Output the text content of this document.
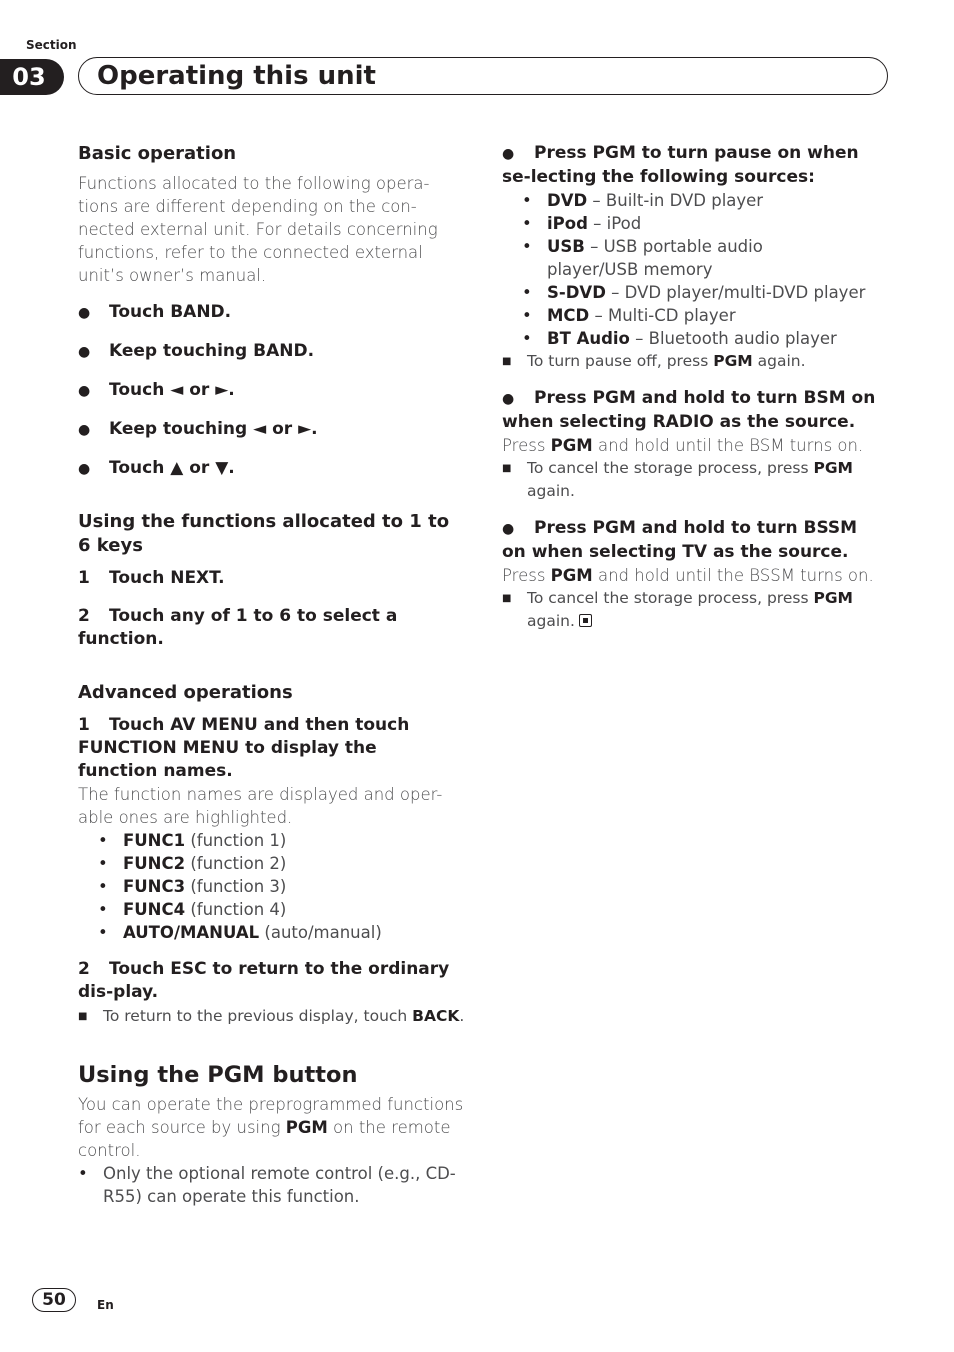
Section
03	Operating this unit

Basic operation

Functions allocated to the following opera-tions are different depending on the con-nected external unit. For details concerning functions, refer to the connected external unit’s owner’s manual.
●
Touch BAND.
●
Keep touching BAND.
●
Touch ◄ or ►.
●
Keep touching ◄ or ►.
●
Touch ▲ or ▼.

Using the functions allocated to 1 to 6 keys

1 Touch NEXT.
2 Touch any of 1 to 6 to select a function.

Advanced operations

1 Touch AV MENU and then touch FUNCTION MENU to display the function names.
The function names are displayed and oper-able ones are highlighted.
• FUNC1 (function 1)
• FUNC2 (function 2)
• FUNC3 (function 3)
• FUNC4 (function 4)
• AUTO/MANUAL (auto/manual)
2 Touch ESC to return to the ordinary dis-play.
■	To return to the previous display, touch BACK.

Using the PGM button

You can operate the preprogrammed functions for each source by using PGM on the remote control.
• Only the optional remote control (e.g., CD-R55) can operate this function.
● Press PGM to turn pause on when se-lecting the following sources:
• DVD – Built-in DVD player
• iPod – iPod
• USB – USB portable audio player/USB memory
• S-DVD – DVD player/multi-DVD player
• MCD – Multi-CD player
• BT Audio – Bluetooth audio player
■	To turn pause off, press PGM again.
● Press PGM and hold to turn BSM on when selecting RADIO as the source.
Press PGM and hold until the BSM turns on.
■	To cancel the storage process, press PGM again.
● Press PGM and hold to turn BSSM on when selecting TV as the source.
Press PGM and hold until the BSSM turns on.
■	To cancel the storage process, press PGM again.
50	En
